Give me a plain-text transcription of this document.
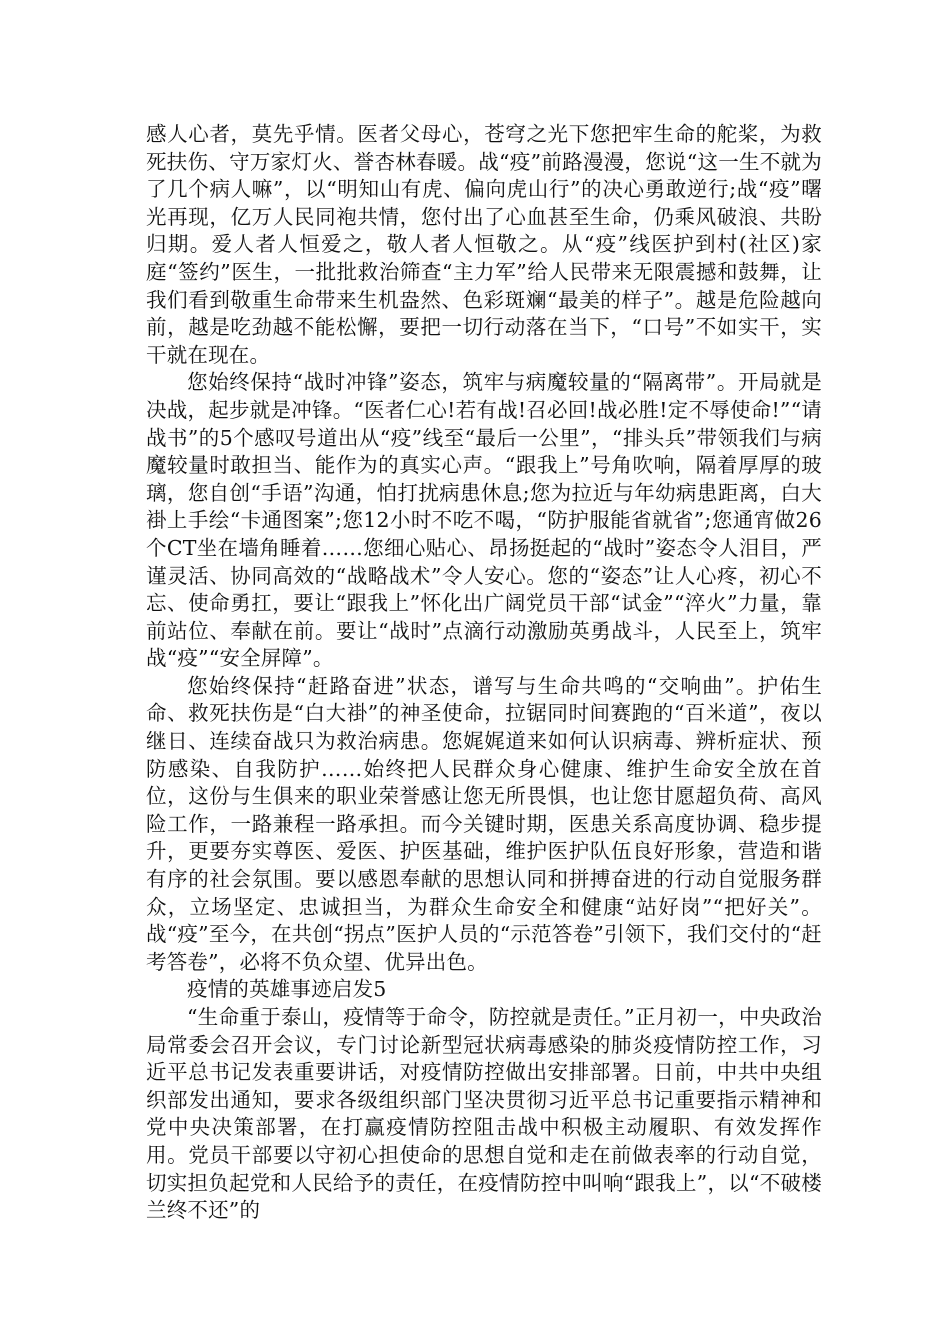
感人心者，莫先乎情。医者父母心，苍穹之光下您把牢生命的舵桨，为救死扶伤、守万家灯火、誉杏林春暖。战“疫”前路漫漫，您说“这一生不就为了几个病人嘛”，以“明知山有虎、偏向虎山行”的决心勇敢逆行;战“疫”曙光再现，亿万人民同袍共情，您付出了心血甚至生命，仍乘风破浪、共盼归期。爱人者人恒爱之，敬人者人恒敬之。从“疫”线医护到村(社区)家庭“签约”医生，一批批救治筛查“主力军”给人民带来无限震撼和鼓舞，让我们看到敬重生命带来生机盎然、色彩斑斓“最美的样子”。越是危险越向前，越是吃劲越不能松懈，要把一切行动落在当下，“口号”不如实干，实干就在现在。

您始终保持“战时冲锋”姿态，筑牢与病魔较量的“隔离带”。开局就是决战，起步就是冲锋。“医者仁心!若有战!召必回!战必胜!定不辱使命!”“请战书”的5个感叹号道出从“疫”线至“最后一公里”，“排头兵”带领我们与病魔较量时敢担当、能作为的真实心声。“跟我上”号角吹响，隔着厚厚的玻璃，您自创“手语”沟通，怕打扰病患休息;您为拉近与年幼病患距离，白大褂上手绘“卡通图案”;您12小时不吃不喝，“防护服能省就省”;您通宵做26个CT坐在墙角睡着……您细心贴心、昂扬挺起的“战时”姿态令人泪目，严谨灵活、协同高效的“战略战术”令人安心。您的“姿态”让人心疼，初心不忘、使命勇扛，要让“跟我上”怀化出广阔党员干部“试金”“淬火”力量，靠前站位、奉献在前。要让“战时”点滴行动激励英勇战斗，人民至上，筑牢战“疫”“安全屏障”。

您始终保持“赶路奋进”状态，谱写与生命共鸣的“交响曲”。护佑生命、救死扶伤是“白大褂”的神圣使命，拉锯同时间赛跑的“百米道”，夜以继日、连续奋战只为救治病患。您娓娓道来如何认识病毒、辨析症状、预防感染、自我防护……始终把人民群众身心健康、维护生命安全放在首位，这份与生俱来的职业荣誉感让您无所畏惧，也让您甘愿超负荷、高风险工作，一路兼程一路承担。而今关键时期，医患关系高度协调、稳步提升，更要夯实尊医、爱医、护医基础，维护医护队伍良好形象，营造和谐有序的社会氛围。要以感恩奉献的思想认同和拼搏奋进的行动自觉服务群众，立场坚定、忠诚担当，为群众生命安全和健康“站好岗”“把好关”。战“疫”至今，在共创“拐点”医护人员的“示范答卷”引领下，我们交付的“赶考答卷”，必将不负众望、优异出色。

疫情的英雄事迹启发5

“生命重于泰山，疫情等于命令，防控就是责任。”正月初一，中央政治局常委会召开会议，专门讨论新型冠状病毒感染的肺炎疫情防控工作，习近平总书记发表重要讲话，对疫情防控做出安排部署。日前，中共中央组织部发出通知，要求各级组织部门坚决贯彻习近平总书记重要指示精神和党中央决策部署，在打赢疫情防控阻击战中积极主动履职、有效发挥作用。党员干部要以守初心担使命的思想自觉和走在前做表率的行动自觉，切实担负起党和人民给予的责任，在疫情防控中叫响“跟我上”，以“不破楼兰终不还”的
